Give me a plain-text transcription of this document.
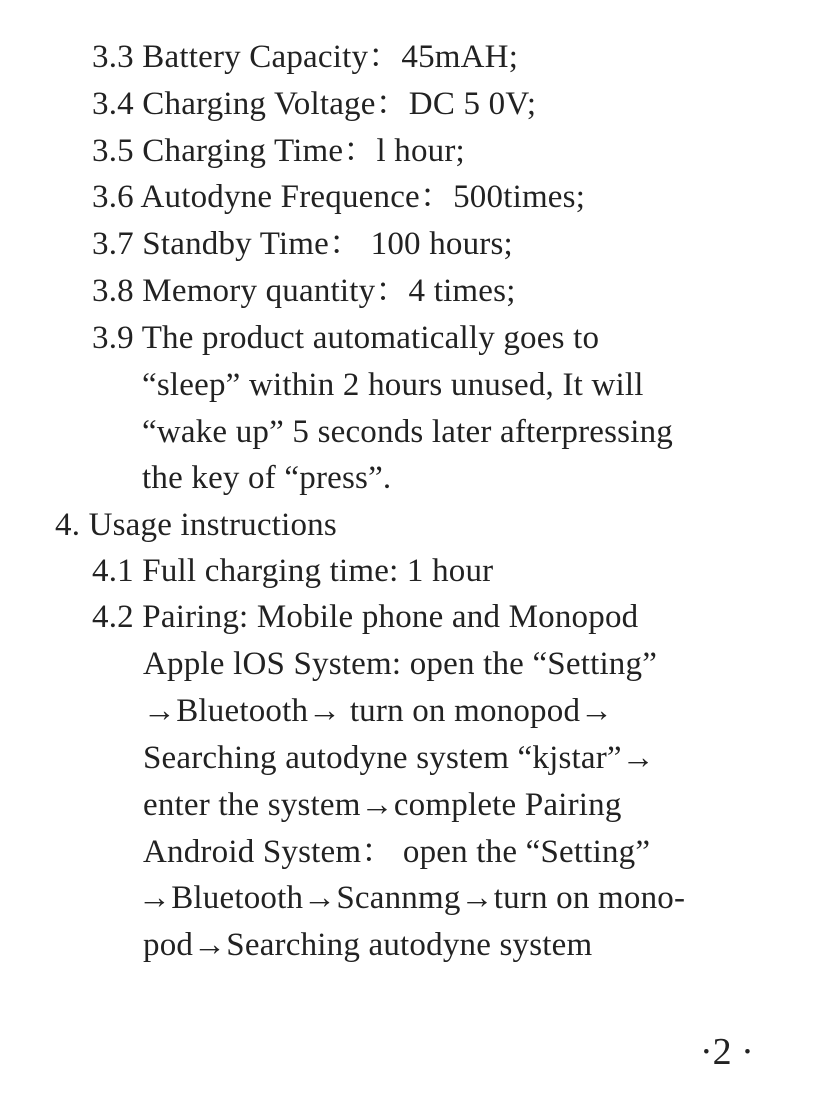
3.3 Battery Capacity：45mAH;
3.4 Charging Voltage：DC 5 0V;
3.5 Charging Time：l hour;
3.6 Autodyne Frequence：500times;
3.7 Standby Time： 100 hours;
3.8 Memory quantity：4 times;
3.9 The product automatically goes to
“sleep” within 2 hours unused, It will
“wake up” 5 seconds later afterpressing
the key of “press”.
4. Usage instructions
4.1 Full charging time: 1 hour
4.2 Pairing: Mobile phone and Monopod
Apple lOS System: open the “Setting”
→Bluetooth→ turn on monopod→
Searching autodyne system “kjstar”→
enter the system→complete Pairing
Android System： open the “Setting”
→Bluetooth→Scannmg→turn on mono-
pod→Searching autodyne system
·2 ·
